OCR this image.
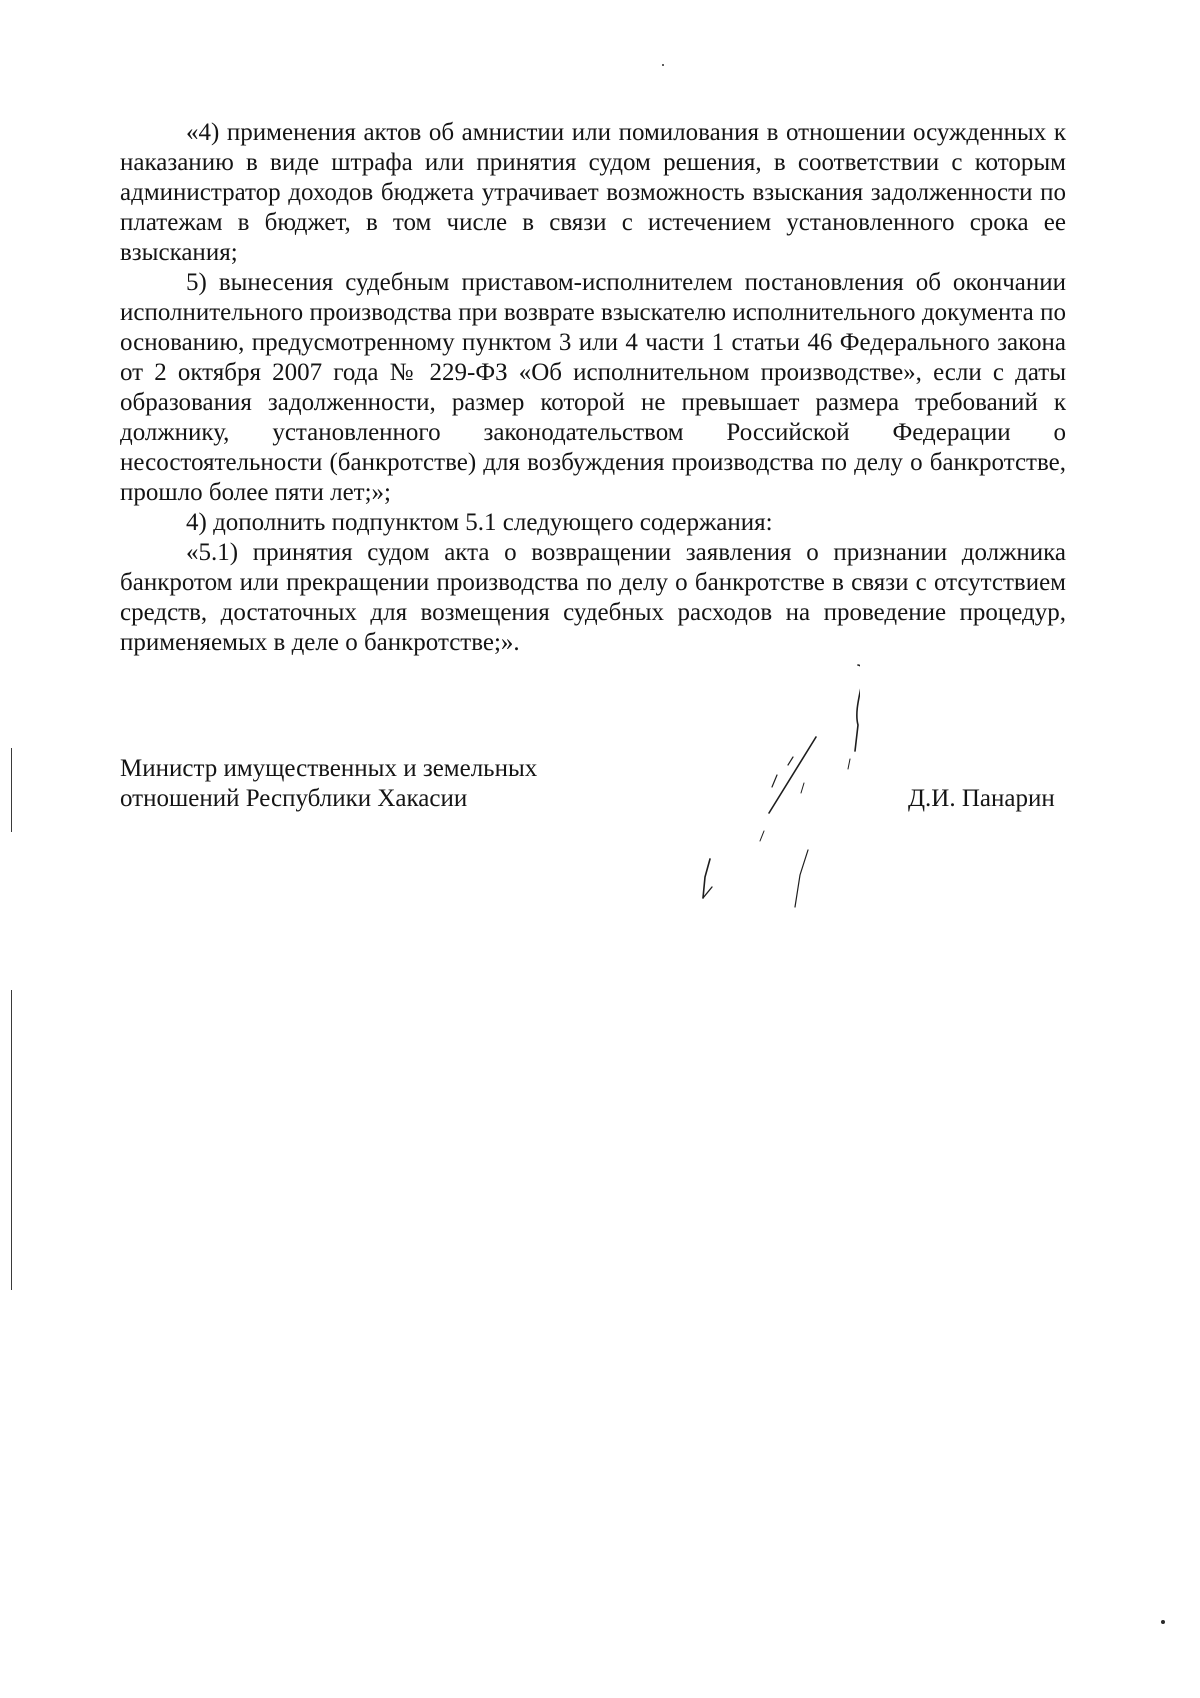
«4) применения актов об амнистии или помилования в отношении осужденных к наказанию в виде штрафа или принятия судом решения, в соответствии с которым администратор доходов бюджета утрачивает возможность взыскания задолженности по платежам в бюджет, в том числе в связи с истечением установленного срока ее взыскания;

5) вынесения судебным приставом-исполнителем постановления об окончании исполнительного производства при возврате взыскателю исполнительного документа по основанию, предусмотренному пунктом 3 или 4 части 1 статьи 46 Федерального закона от 2 октября 2007 года № 229-ФЗ «Об исполнительном производстве», если с даты образования задолженности, размер которой не превышает размера требований к должнику, установленного законодательством Российской Федерации о несостоятельности (банкротстве) для возбуждения производства по делу о банкротстве, прошло более пяти лет;»;

4) дополнить подпунктом 5.1 следующего содержания:

«5.1) принятия судом акта о возвращении заявления о признании должника банкротом или прекращении производства по делу о банкротстве в связи с отсутствием средств, достаточных для возмещения судебных расходов на проведение процедур, применяемых в деле о банкротстве;».

Министр имущественных и земельных
отношений Республики Хакасии	Д.И. Панарин
